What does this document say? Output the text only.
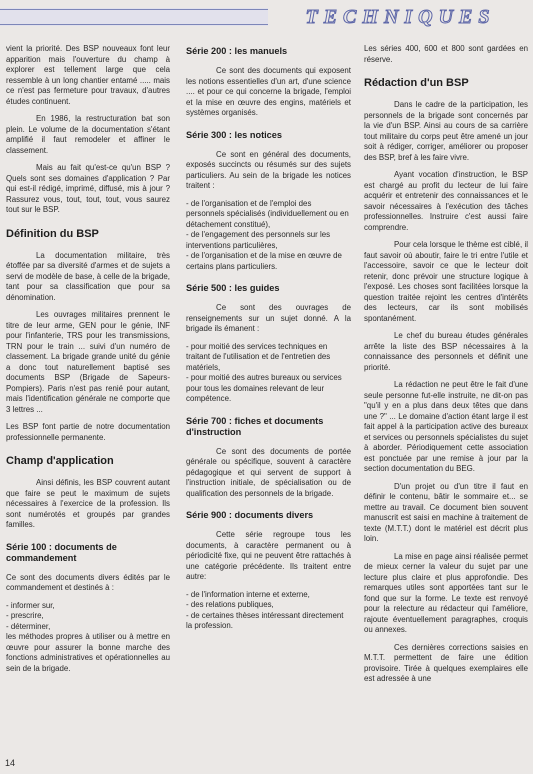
TECHNIQUES

vient la priorité. Des BSP nouveaux font leur apparition mais l'ouverture du champ à explorer est tellement large que cela ressemble à un long chantier entamé ..... mais ce n'est pas fermeture pour travaux, d'autres études continuent.

En 1986, la restructuration bat son plein. Le volume de la documentation s'étant amplifié il faut remodeler et affiner le classement.

Mais au fait qu'est-ce qu'un BSP ? Quels sont ses domaines d'application ? Par qui est-il rédigé, imprimé, diffusé, mis à jour ? Rassurez vous, tout, tout, tout, vous saurez tout sur le BSP.

Définition du BSP

La documentation militaire, très étoffée par sa diversité d'armes et de sujets a servi de modèle de base, à celle de la brigade, tant pour sa classification que pour sa dénomination.

Les ouvrages militaires prennent le titre de leur arme, GEN pour le génie, INF pour l'infanterie, TRS pour les transmissions, TRN pour le train ... suivi d'un numéro de classement. La brigade grande unité du génie a donc tout naturellement baptisé ses documents BSP (Brigade de Sapeurs-Pompiers). Paris n'est pas renié pour autant, mais l'identification générale ne comporte que 3 lettres ...

Les BSP font partie de notre documentation professionnelle permanente.

Champ d'application

Ainsi définis, les BSP couvrent autant que faire se peut le maximum de sujets nécessaires à l'exercice de la profession. Ils sont numérotés et groupés par grandes familles.

Série 100 : documents de commandement

Ce sont des documents divers édités par le commandement et destinés à :

- informer sur,
- prescrire,
- déterminer,

les méthodes propres à utiliser ou à mettre en œuvre pour assurer la bonne marche des fonctions administratives et opérationnelles au sein de la brigade.

Série 200 : les manuels

Ce sont des documents qui exposent les notions essentielles d'un art, d'une science .... et pour ce qui concerne la brigade, l'emploi et la mise en œuvre des engins, matériels et systèmes organisés.

Série 300 : les notices

Ce sont en général des documents, exposés succincts ou résumés sur des sujets particuliers. Au sein de la brigade les notices traitent :

- de l'organisation et de l'emploi des personnels spécialisés (individuellement ou en détachement constitué),
- de l'engagement des personnels sur les interventions particulières,
- de l'organisation et de la mise en œuvre de certains plans particuliers.

Série 500 : les guides

Ce sont des ouvrages de renseignements sur un sujet donné. A la brigade ils émanent :

- pour moitié des services techniques en traitant de l'utilisation et de l'entretien des matériels,
- pour moitié des autres bureaux ou services pour tous les domaines relevant de leur compétence.

Série 700 : fiches et documents d'instruction

Ce sont des documents de portée générale ou spécifique, souvent à caractère pédagogique et qui servent de support à l'instruction initiale, de spécialisation ou de qualification des personnels de la brigade.

Série 900 : documents divers

Cette série regroupe tous les documents, à caractère permanent ou à périodicité fixe, qui ne peuvent être rattachés à une catégorie précédente. Ils traitent entre autre:

- de l'information interne et externe,
- des relations publiques,
- de certaines thèses intéressant directement la profession.

Les séries 400, 600 et 800 sont gardées en réserve.

Rédaction d'un BSP

Dans le cadre de la participation, les personnels de la brigade sont concernés par la vie d'un BSP. Ainsi au cours de sa carrière tout militaire du corps peut être amené un jour soit à rédiger, corriger, améliorer ou proposer des BSP, bref à les faire vivre.

Ayant vocation d'instruction, le BSP est chargé au profit du lecteur de lui faire acquérir et entretenir des connaissances et le savoir nécessaires à l'exécution des tâches professionnelles. Instruire c'est aussi faire comprendre.

Pour cela lorsque le thème est ciblé, il faut savoir où aboutir, faire le tri entre l'utile et l'accessoire, savoir ce que le lecteur doit retenir, donc prévoir une structure logique à l'exposé. Les choses sont facilitées lorsque la question traitée rejoint les centres d'intérêts des lecteurs, car ils sont mobilisés spontanément.

Le chef du bureau études générales arrête la liste des BSP nécessaires à la connaissance des personnels et définit une priorité.

La rédaction ne peut être le fait d'une seule personne fut-elle instruite, ne dit-on pas "qu'il y en a plus dans deux têtes que dans une ?" ... Le domaine d'action étant large il est fait appel à la participation active des bureaux et services ou personnels spécialistes du sujet à aborder. Périodiquement cette association est ponctuée par une remise à jour par la section documentation du BEG.

D'un projet ou d'un titre il faut en définir le contenu, bâtir le sommaire et... se mettre au travail. Ce document bien souvent manuscrit est saisi en machine à traitement de texte (M.T.T.) dont le matériel est décrit plus loin.

La mise en page ainsi réalisée permet de mieux cerner la valeur du sujet par une lecture plus claire et plus approfondie. Des remarques utiles sont apportées tant sur le fond que sur la forme. Le texte est renvoyé pour la relecture au rédacteur qui l'améliore, rajoute éventuellement paragraphes, croquis ou annexes.

Ces dernières corrections saisies en M.T.T. permettent de faire une édition provisoire. Tirée à quelques exemplaires elle est adressée à une

14
